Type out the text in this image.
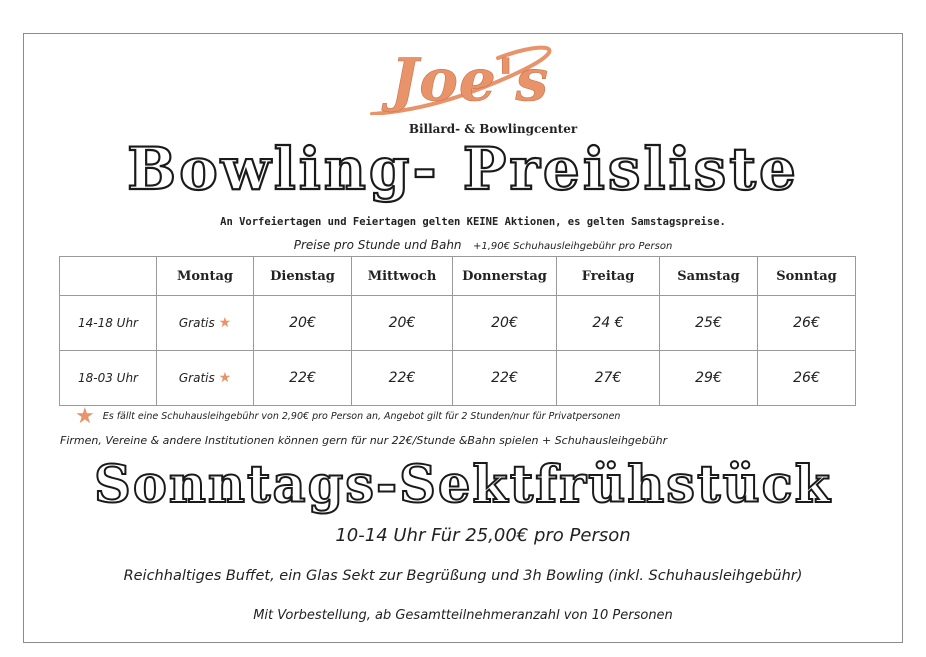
Joe's
Billard- & Bowlingcenter
Bowling- Preisliste
An Vorfeiertagen und Feiertagen gelten KEINE Aktionen, es gelten Samstagspreise.
Preise pro Stunde und Bahn +1,90€ Schuhausleihgebühr pro Person
	Montag	Dienstag	Mittwoch	Donnerstag	Freitag	Samstag	Sonntag
14-18 Uhr	Gratis ★	20€	20€	20€	24 €	25€	26€
18-03 Uhr	Gratis ★	22€	22€	22€	27€	29€	26€
★ Es fällt eine Schuhausleihgebühr von 2,90€ pro Person an, Angebot gilt für 2 Stunden/nur für Privatpersonen
Firmen, Vereine & andere Institutionen können gern für nur 22€/Stunde &Bahn spielen + Schuhausleihgebühr
Sonntags-Sektfrühstück
10-14 Uhr Für 25,00€ pro Person
Reichhaltiges Buffet, ein Glas Sekt zur Begrüßung und 3h Bowling (inkl. Schuhausleihgebühr)
Mit Vorbestellung, ab Gesamtteilnehmeranzahl von 10 Personen
